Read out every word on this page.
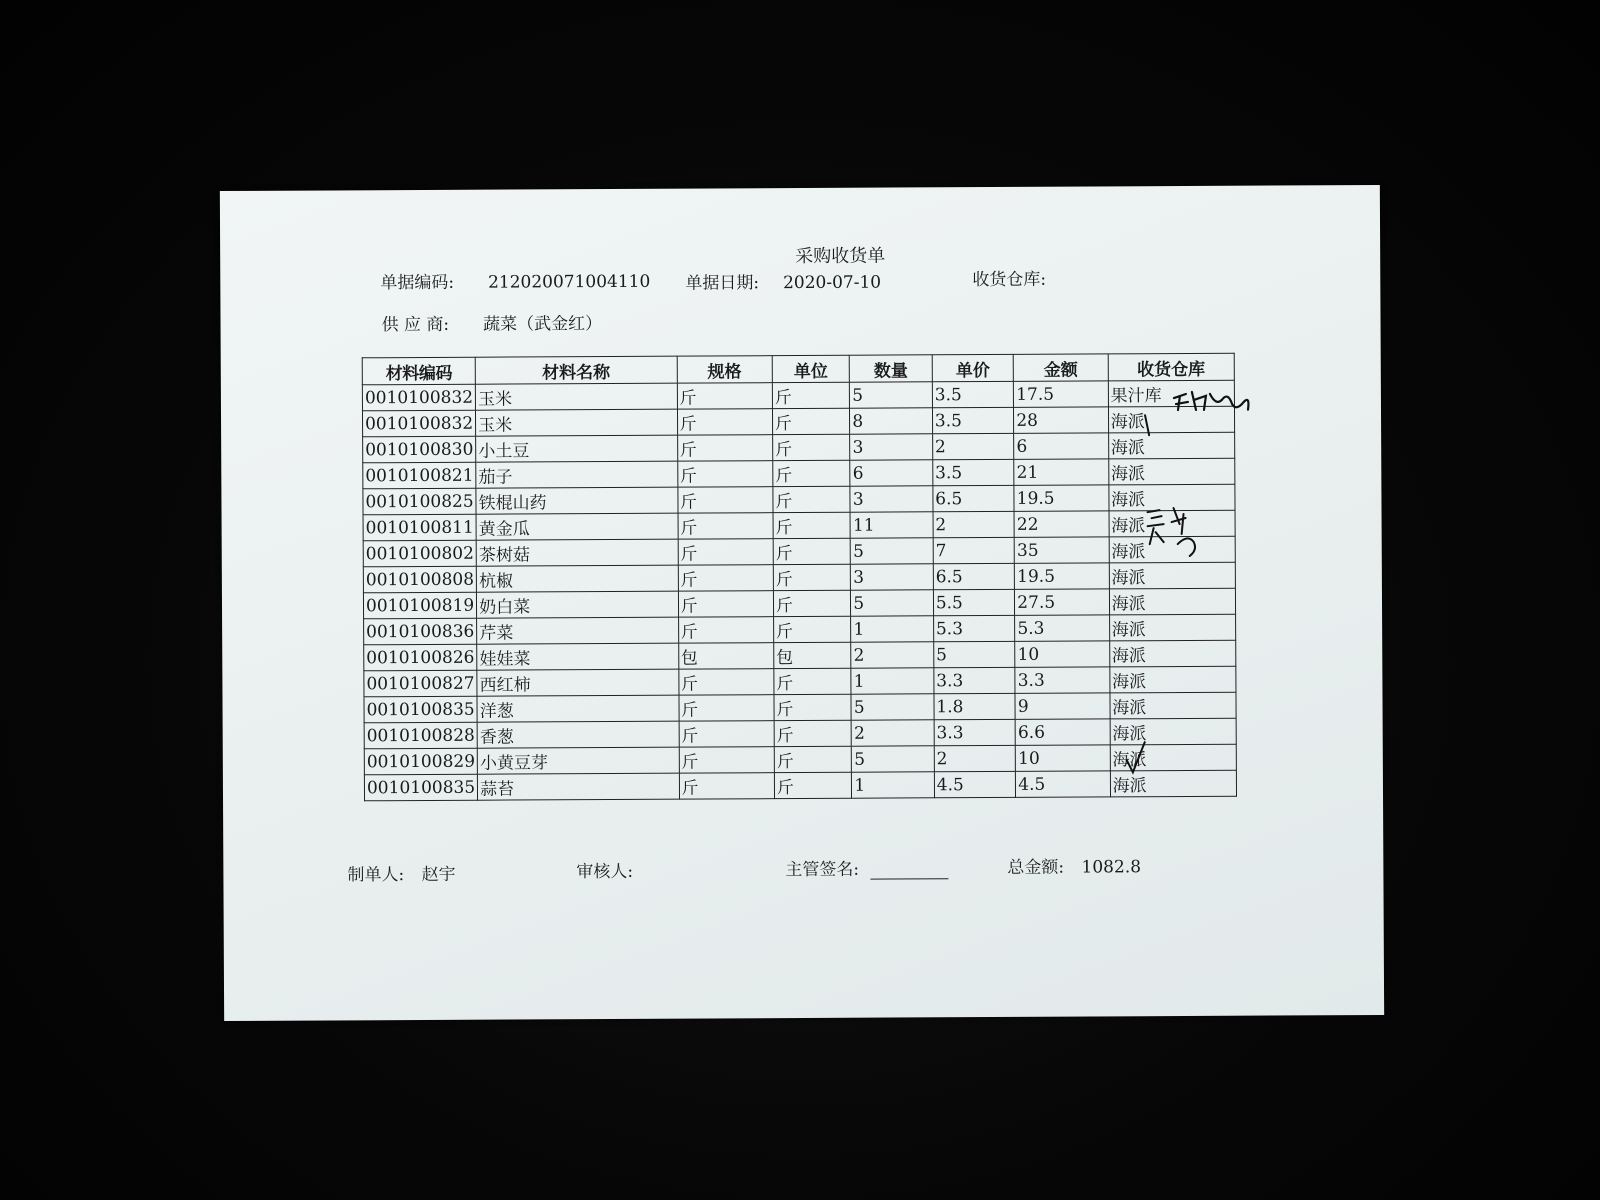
采购收货单
单据编码: 212020071004110 单据日期: 2020-07-10	收货仓库:
供 应 商: 蔬菜（武金红）
材料编码	材料名称	规格	单位	数量	单价	金额	收货仓库
0010100832	玉米	斤	斤	5	3.5	17.5	果汁库
0010100832	玉米	斤	斤	8	3.5	28	海派
0010100830	小土豆	斤	斤	3	2	6	海派
0010100821	茄子	斤	斤	6	3.5	21	海派
0010100825	铁棍山药	斤	斤	3	6.5	19.5	海派
0010100811	黄金瓜	斤	斤	11	2	22	海派
0010100802	茶树菇	斤	斤	5	7	35	海派
0010100808	杭椒	斤	斤	3	6.5	19.5	海派
0010100819	奶白菜	斤	斤	5	5.5	27.5	海派
0010100836	芹菜	斤	斤	1	5.3	5.3	海派
0010100826	娃娃菜	包	包	2	5	10	海派
0010100827	西红柿	斤	斤	1	3.3	3.3	海派
0010100835	洋葱	斤	斤	5	1.8	9	海派
0010100828	香葱	斤	斤	2	3.3	6.6	海派
0010100829	小黄豆芽	斤	斤	5	2	10	海派
0010100835	蒜苔	斤	斤	1	4.5	4.5	海派
制单人: 赵宇	审核人:	主管签名:	总金额: 1082.8
